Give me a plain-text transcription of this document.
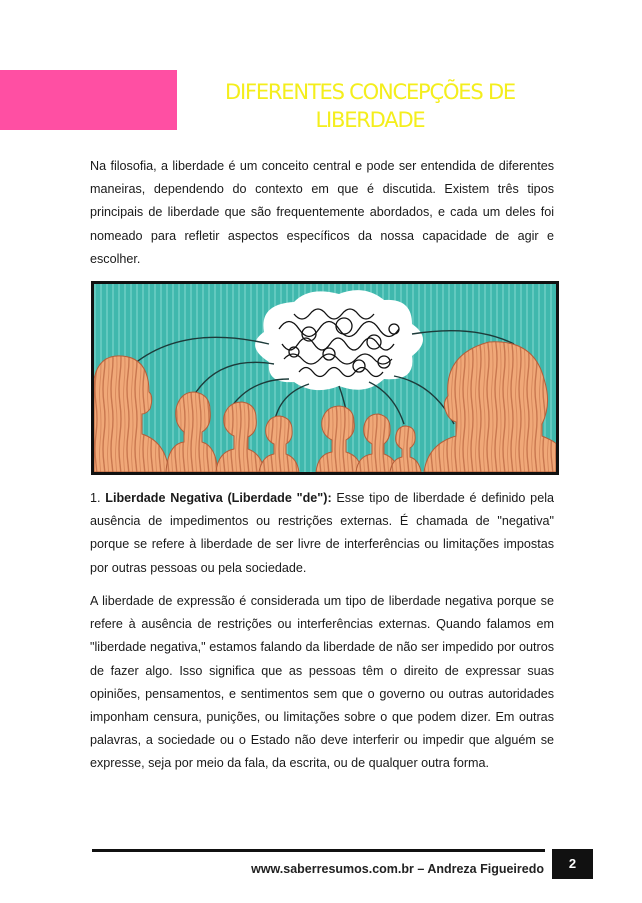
DIFERENTES CONCEPÇÕES DE
LIBERDADE

Na filosofia, a liberdade é um conceito central e pode ser entendida de diferentes maneiras, dependendo do contexto em que é discutida. Existem três tipos principais de liberdade que são frequentemente abordados, e cada um deles foi nomeado para refletir aspectos específicos da nossa capacidade de agir e escolher.

1. Liberdade Negativa (Liberdade "de"): Esse tipo de liberdade é definido pela ausência de impedimentos ou restrições externas. É chamada de "negativa" porque se refere à liberdade de ser livre de interferências ou limitações impostas por outras pessoas ou pela sociedade.

A liberdade de expressão é considerada um tipo de liberdade negativa porque se refere à ausência de restrições ou interferências externas. Quando falamos em "liberdade negativa," estamos falando da liberdade de não ser impedido por outros de fazer algo. Isso significa que as pessoas têm o direito de expressar suas opiniões, pensamentos, e sentimentos sem que o governo ou outras autoridades imponham censura, punições, ou limitações sobre o que podem dizer. Em outras palavras, a sociedade ou o Estado não deve interferir ou impedir que alguém se expresse, seja por meio da fala, da escrita, ou de qualquer outra forma.

www.saberresumos.com.br – Andreza Figueiredo	2
